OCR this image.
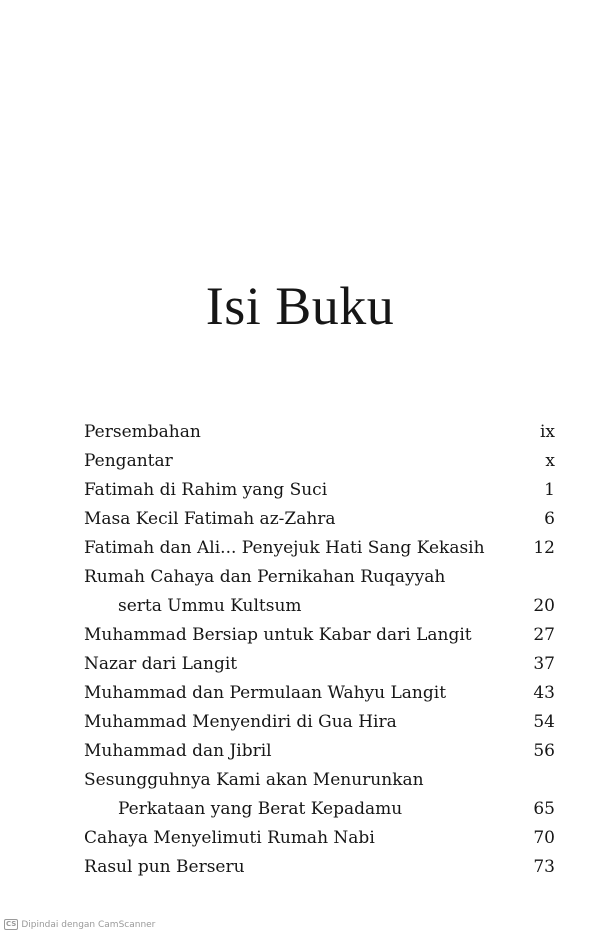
Isi Buku
Persembahan	ix
Pengantar	x
Fatimah di Rahim yang Suci	1
Masa Kecil Fatimah az-Zahra	6
Fatimah dan Ali... Penyejuk Hati Sang Kekasih	12
Rumah Cahaya dan Pernikahan Ruqayyah
serta Ummu Kultsum	20
Muhammad Bersiap untuk Kabar dari Langit	27
Nazar dari Langit	37
Muhammad dan Permulaan Wahyu Langit	43
Muhammad Menyendiri di Gua Hira	54
Muhammad dan Jibril	56
Sesungguhnya Kami akan Menurunkan
Perkataan yang Berat Kepadamu	65
Cahaya Menyelimuti Rumah Nabi	70
Rasul pun Berseru	73
CS Dipindai dengan CamScanner
